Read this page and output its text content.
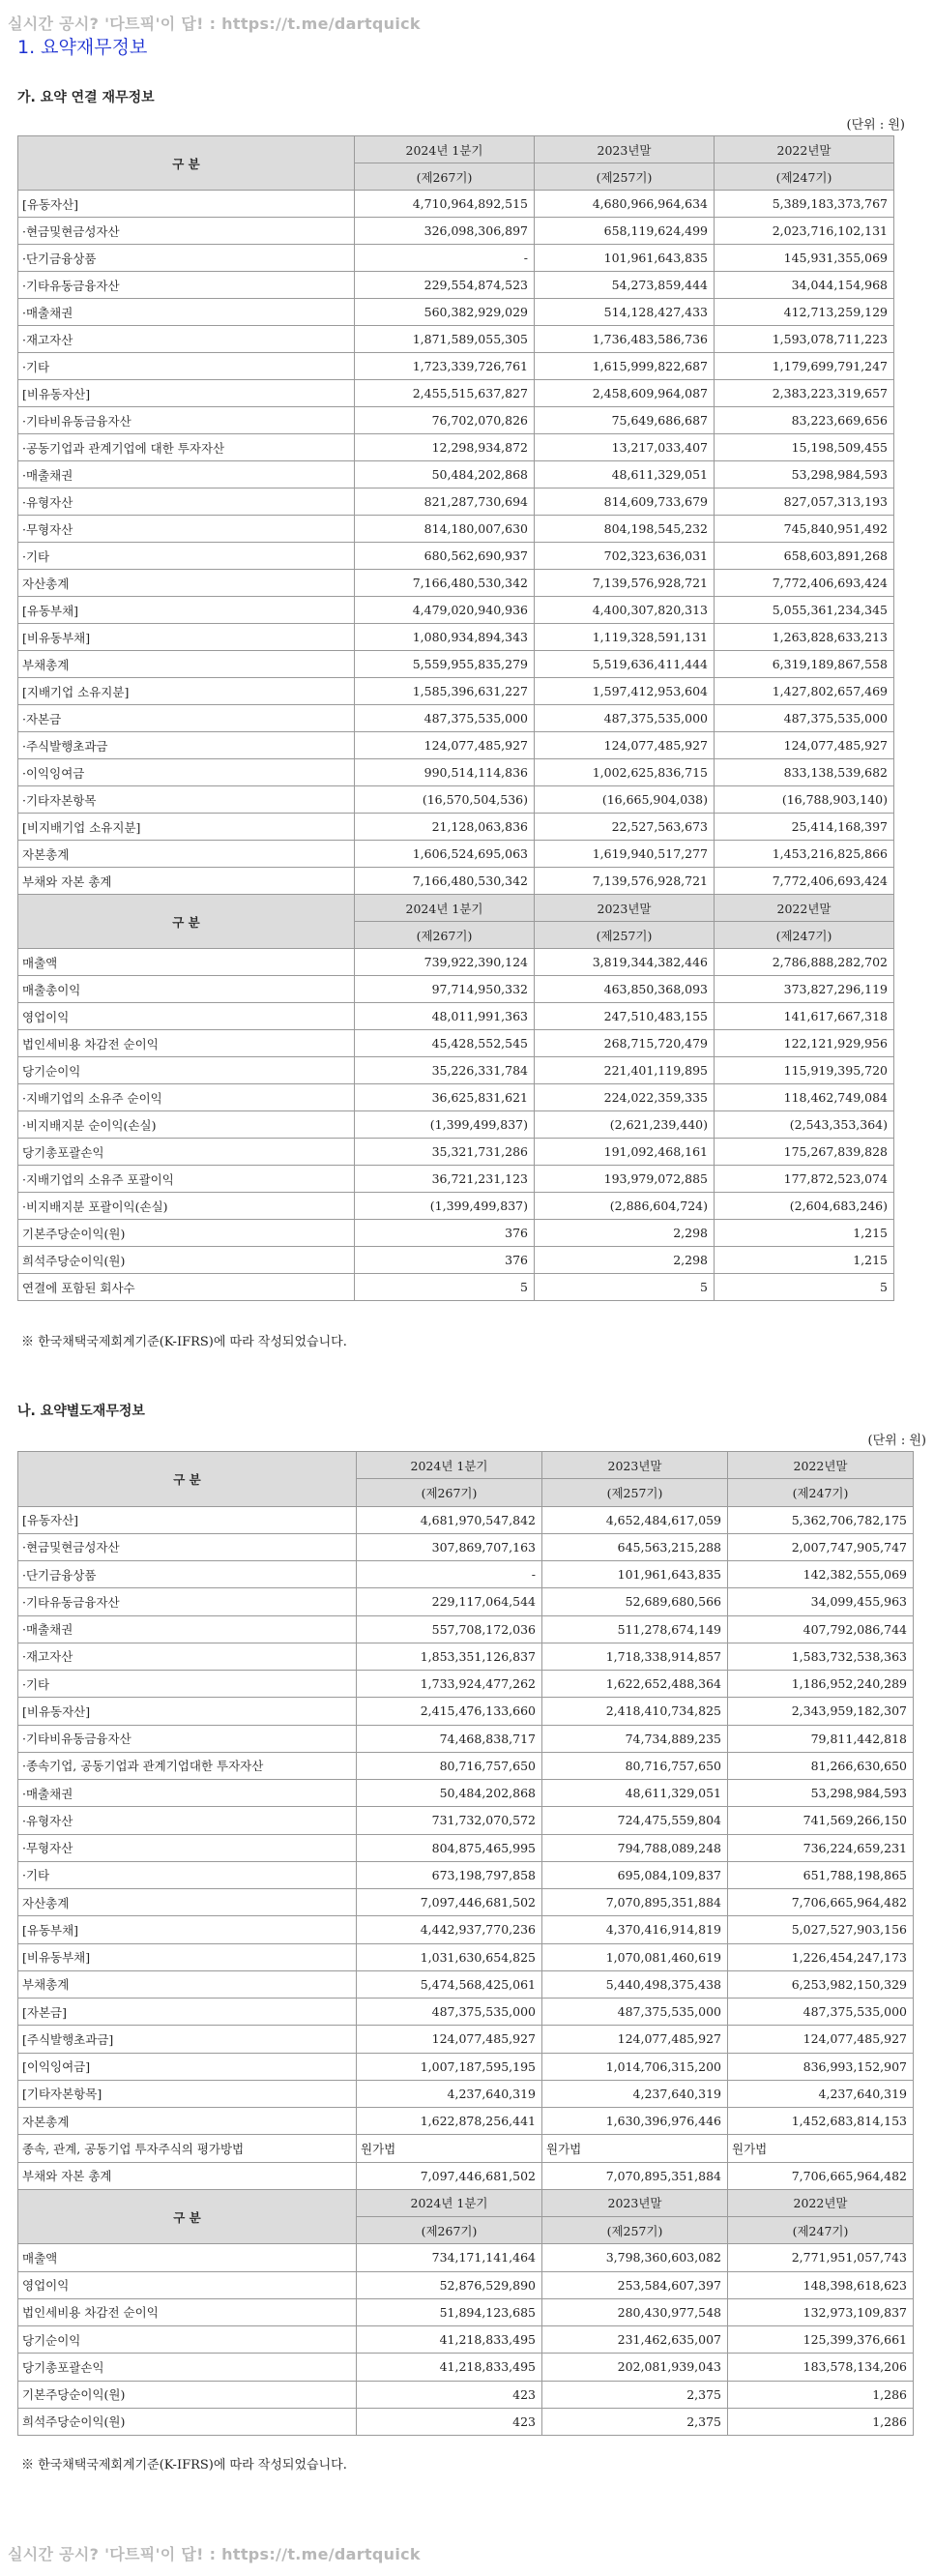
실시간 공시? '다트픽'이 답! : https://t.me/dartquick
1. 요약재무정보
가. 요약 연결 재무정보
(단위 : 원)
구 분	2024년 1분기	2023년말	2022년말
	(제267기)	(제257기)	(제247기)
[유동자산]	4,710,964,892,515	4,680,966,964,634	5,389,183,373,767
·현금및현금성자산	326,098,306,897	658,119,624,499	2,023,716,102,131
·단기금융상품	-	101,961,643,835	145,931,355,069
·기타유동금융자산	229,554,874,523	54,273,859,444	34,044,154,968
·매출채권	560,382,929,029	514,128,427,433	412,713,259,129
·재고자산	1,871,589,055,305	1,736,483,586,736	1,593,078,711,223
·기타	1,723,339,726,761	1,615,999,822,687	1,179,699,791,247
[비유동자산]	2,455,515,637,827	2,458,609,964,087	2,383,223,319,657
·기타비유동금융자산	76,702,070,826	75,649,686,687	83,223,669,656
·공동기업과 관계기업에 대한 투자자산	12,298,934,872	13,217,033,407	15,198,509,455
·매출채권	50,484,202,868	48,611,329,051	53,298,984,593
·유형자산	821,287,730,694	814,609,733,679	827,057,313,193
·무형자산	814,180,007,630	804,198,545,232	745,840,951,492
·기타	680,562,690,937	702,323,636,031	658,603,891,268
자산총계	7,166,480,530,342	7,139,576,928,721	7,772,406,693,424
[유동부채]	4,479,020,940,936	4,400,307,820,313	5,055,361,234,345
[비유동부채]	1,080,934,894,343	1,119,328,591,131	1,263,828,633,213
부채총계	5,559,955,835,279	5,519,636,411,444	6,319,189,867,558
[지배기업 소유지분]	1,585,396,631,227	1,597,412,953,604	1,427,802,657,469
·자본금	487,375,535,000	487,375,535,000	487,375,535,000
·주식발행초과금	124,077,485,927	124,077,485,927	124,077,485,927
·이익잉여금	990,514,114,836	1,002,625,836,715	833,138,539,682
·기타자본항목	(16,570,504,536)	(16,665,904,038)	(16,788,903,140)
[비지배기업 소유지분]	21,128,063,836	22,527,563,673	25,414,168,397
자본총계	1,606,524,695,063	1,619,940,517,277	1,453,216,825,866
부채와 자본 총계	7,166,480,530,342	7,139,576,928,721	7,772,406,693,424
구 분	2024년 1분기	2023년말	2022년말
	(제267기)	(제257기)	(제247기)
매출액	739,922,390,124	3,819,344,382,446	2,786,888,282,702
매출총이익	97,714,950,332	463,850,368,093	373,827,296,119
영업이익	48,011,991,363	247,510,483,155	141,617,667,318
법인세비용 차감전 순이익	45,428,552,545	268,715,720,479	122,121,929,956
당기순이익	35,226,331,784	221,401,119,895	115,919,395,720
·지배기업의 소유주 순이익	36,625,831,621	224,022,359,335	118,462,749,084
·비지배지분 순이익(손실)	(1,399,499,837)	(2,621,239,440)	(2,543,353,364)
당기총포괄손익	35,321,731,286	191,092,468,161	175,267,839,828
·지배기업의 소유주 포괄이익	36,721,231,123	193,979,072,885	177,872,523,074
·비지배지분 포괄이익(손실)	(1,399,499,837)	(2,886,604,724)	(2,604,683,246)
기본주당순이익(원)	376	2,298	1,215
희석주당순이익(원)	376	2,298	1,215
연결에 포함된 회사수	5	5	5
※ 한국채택국제회계기준(K-IFRS)에 따라 작성되었습니다.
나. 요약별도재무정보
(단위 : 원)
구 분	2024년 1분기	2023년말	2022년말
	(제267기)	(제257기)	(제247기)
[유동자산]	4,681,970,547,842	4,652,484,617,059	5,362,706,782,175
·현금및현금성자산	307,869,707,163	645,563,215,288	2,007,747,905,747
·단기금융상품	-	101,961,643,835	142,382,555,069
·기타유동금융자산	229,117,064,544	52,689,680,566	34,099,455,963
·매출채권	557,708,172,036	511,278,674,149	407,792,086,744
·재고자산	1,853,351,126,837	1,718,338,914,857	1,583,732,538,363
·기타	1,733,924,477,262	1,622,652,488,364	1,186,952,240,289
[비유동자산]	2,415,476,133,660	2,418,410,734,825	2,343,959,182,307
·기타비유동금융자산	74,468,838,717	74,734,889,235	79,811,442,818
·종속기업, 공동기업과 관계기업대한 투자자산	80,716,757,650	80,716,757,650	81,266,630,650
·매출채권	50,484,202,868	48,611,329,051	53,298,984,593
·유형자산	731,732,070,572	724,475,559,804	741,569,266,150
·무형자산	804,875,465,995	794,788,089,248	736,224,659,231
·기타	673,198,797,858	695,084,109,837	651,788,198,865
자산총계	7,097,446,681,502	7,070,895,351,884	7,706,665,964,482
[유동부채]	4,442,937,770,236	4,370,416,914,819	5,027,527,903,156
[비유동부채]	1,031,630,654,825	1,070,081,460,619	1,226,454,247,173
부채총계	5,474,568,425,061	5,440,498,375,438	6,253,982,150,329
[자본금]	487,375,535,000	487,375,535,000	487,375,535,000
[주식발행초과금]	124,077,485,927	124,077,485,927	124,077,485,927
[이익잉여금]	1,007,187,595,195	1,014,706,315,200	836,993,152,907
[기타자본항목]	4,237,640,319	4,237,640,319	4,237,640,319
자본총계	1,622,878,256,441	1,630,396,976,446	1,452,683,814,153
종속, 관계, 공동기업 투자주식의 평가방법	원가법	원가법	원가법
부채와 자본 총계	7,097,446,681,502	7,070,895,351,884	7,706,665,964,482
구 분	2024년 1분기	2023년말	2022년말
	(제267기)	(제257기)	(제247기)
매출액	734,171,141,464	3,798,360,603,082	2,771,951,057,743
영업이익	52,876,529,890	253,584,607,397	148,398,618,623
법인세비용 차감전 순이익	51,894,123,685	280,430,977,548	132,973,109,837
당기순이익	41,218,833,495	231,462,635,007	125,399,376,661
당기총포괄손익	41,218,833,495	202,081,939,043	183,578,134,206
기본주당순이익(원)	423	2,375	1,286
희석주당순이익(원)	423	2,375	1,286
※ 한국채택국제회계기준(K-IFRS)에 따라 작성되었습니다.
실시간 공시? '다트픽'이 답! : https://t.me/dartquick
